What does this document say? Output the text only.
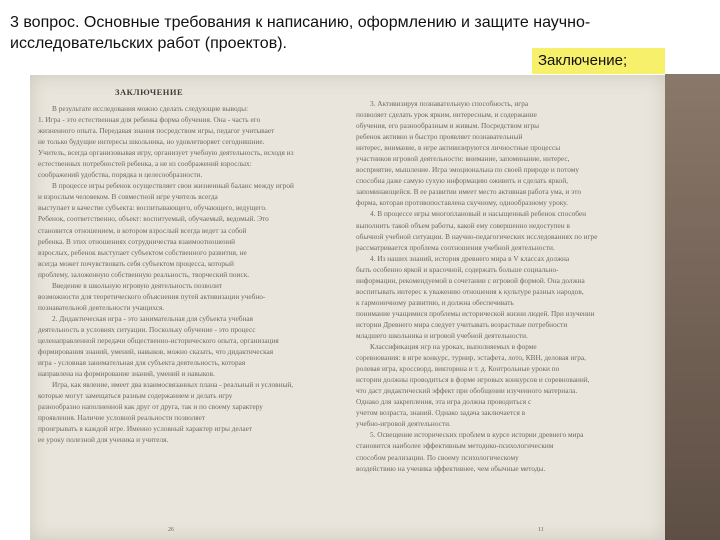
3 вопрос. Основные требования к написанию, оформлению и защите научно-исследовательских работ (проектов).
Заключение;
ЗАКЛЮЧЕНИЕ
В результате исследования можно сделать следующие выводы:
1. Игра - это естественная для ребенка форма обучения. Она - часть его
жизненного опыта. Передавая знания посредством игры, педагог учитывает
не только будущие интересы школьника, но удовлетворяет сегодняшние.
Учитель, всегда организовывая игру, организует учебную деятельность, исходя из
естественных потребностей ребенка, а не из соображений взрослых:
соображений удобства, порядка и целесообразности.
В процессе игры ребенок осуществляет свои жизненный баланс между игрой
и взрослым человеком. В совместной игре учитель всегда
выступает в качестве субъекта: воспитывающего, обучающего, ведущего.
Ребенок, соответственно, объект: воспитуемый, обучаемый, ведомый. Это
становится отношением, в котором взрослый всегда ведет за собой
ребенка. В этих отношениях сотрудничества взаимоотношений
взрослых, ребенок выступает субъектом собственного развития, не
всегда может почувствовать себя субъектом процесса, который
проблему, заложенную собственную реальность, творческий поиск.
Введение в школьную игровую деятельность позволит
возможности для теоретического объяснения путей активизации учебно-
познавательной деятельности учащихся.
2. Дидактическая игра - это занимательная для субъекта учебная
деятельность в условиях ситуации. Поскольку обучение - это процесс
целенаправленной передачи общественно-исторического опыта, организация
формирования знаний, умений, навыков, можно сказать, что дидактическая
игра - условная занимательная для субъекта деятельность, которая
направлена на формирование знаний, умений и навыков.
Игра, как явление, имеет два взаимосвязанных плана - реальный и условный,
которые могут замещаться разным содержанием и делать игру
разнообразно наполненной как друг от друга, так и по своему характеру
проявления. Наличие условной реальности позволяет
проигрывать в каждой игре. Именно условный характер игры делает
ее уроку полезной для ученика и учителя.
26
3. Активизируя познавательную способность, игра
позволяет сделать урок ярким, интересным, и содержание
обучения, его разнообразным и живым. Посредством игры
ребенок активно и быстро проявляет познавательный
интерес, внимание, в игре активизируются личностные процессы
участников игровой деятельности: внимание, запоминание, интерес,
восприятие, мышление. Игра эмоциональна по своей природе и потому
способна даже самую сухую информацию оживить и сделать яркой,
запоминающейся. В ее развитии имеет место активная работа ума, и это
форма, которая противопоставлена скучному, однообразному уроку.
4. В процессе игры многоплановый и насыщенный ребенок способен
выполнить такой объем работы, какой ему совершенно недоступен в
обычной учебной ситуации. В научно-педагогических исследованиях по игре
рассматривается проблема соотношения учебной деятельности.
4. Из наших знаний, история древнего мира в V классах должна
быть особенно яркой и красочной, содержать больше социально-
информации, рекомендуемой в сочетании с игровой формой. Она должна
воспитывать интерес к уважению отношения к культуре разных народов,
к гармоничному развитию, и должна обеспечивать
понимание учащимися проблемы исторической жизни людей. При изучении
истории Древнего мира следует учитывать возрастные потребности
младшего школьника и игровой учебной деятельности.
Классификация игр на уроках, выполняемых в форме
соревнования: в игре конкурс, турнир, эстафета, лото, КВН, деловая игра,
ролевая игра, кроссворд, викторина и т. д. Контрольные уроки по
истории должны проводиться в форме игровых конкурсов и соревнований,
что даст дидактический эффект при обобщении изученного материала.
Однако для закрепления, эта игра должна проводиться с
учетом возраста, знаний. Однако задача заключается в
учебно-игровой деятельности.
5. Освещение исторических проблем в курсе истории древнего мира
становится наиболее эффективным методико-психологическим
способом реализации. По своему психологическому
воздействию на ученика эффективнее, чем обычные методы.
11
